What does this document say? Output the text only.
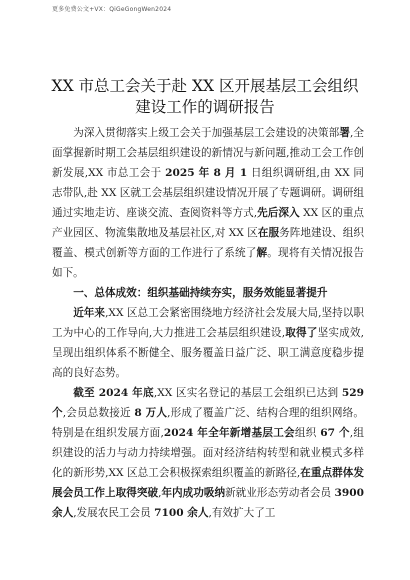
更多免费公文+VX：QiGeGongWen2024
XX 市总工会关于赴 XX 区开展基层工会组织
建设工作的调研报告

为深入贯彻落实上级工会关于加强基层工会建设的决策部署,全面掌握新时期工会基层组织建设的新情况与新问题,推动工会工作创新发展,XX 市总工会于 2025 年 8 月 1 日组织调研组,由 XX 同志带队,赴 XX 区就工会基层组织建设情况开展了专题调研。调研组通过实地走访、座谈交流、查阅资料等方式,先后深入 XX 区的重点产业园区、物流集散地及基层社区,对 XX 区在服务阵地建设、组织覆盖、模式创新等方面的工作进行了系统了解。现将有关情况报告如下。

一、总体成效：组织基础持续夯实，服务效能显著提升

近年来,XX 区总工会紧密围绕地方经济社会发展大局,坚持以职工为中心的工作导向,大力推进工会基层组织建设,取得了坚实成效,呈现出组织体系不断健全、服务覆盖日益广泛、职工满意度稳步提高的良好态势。

截至 2024 年底,XX 区实名登记的基层工会组织已达到 529 个,会员总数接近 8 万人,形成了覆盖广泛、结构合理的组织网络。特别是在组织发展方面,2024 年全年新增基层工会组织 67 个,组织建设的活力与动力持续增强。面对经济结构转型和就业模式多样化的新形势,XX 区总工会积极探索组织覆盖的新路径,在重点群体发展会员工作上取得突破,年内成功吸纳新就业形态劳动者会员 3900 余人,发展农民工会员 7100 余人,有效扩大了工
